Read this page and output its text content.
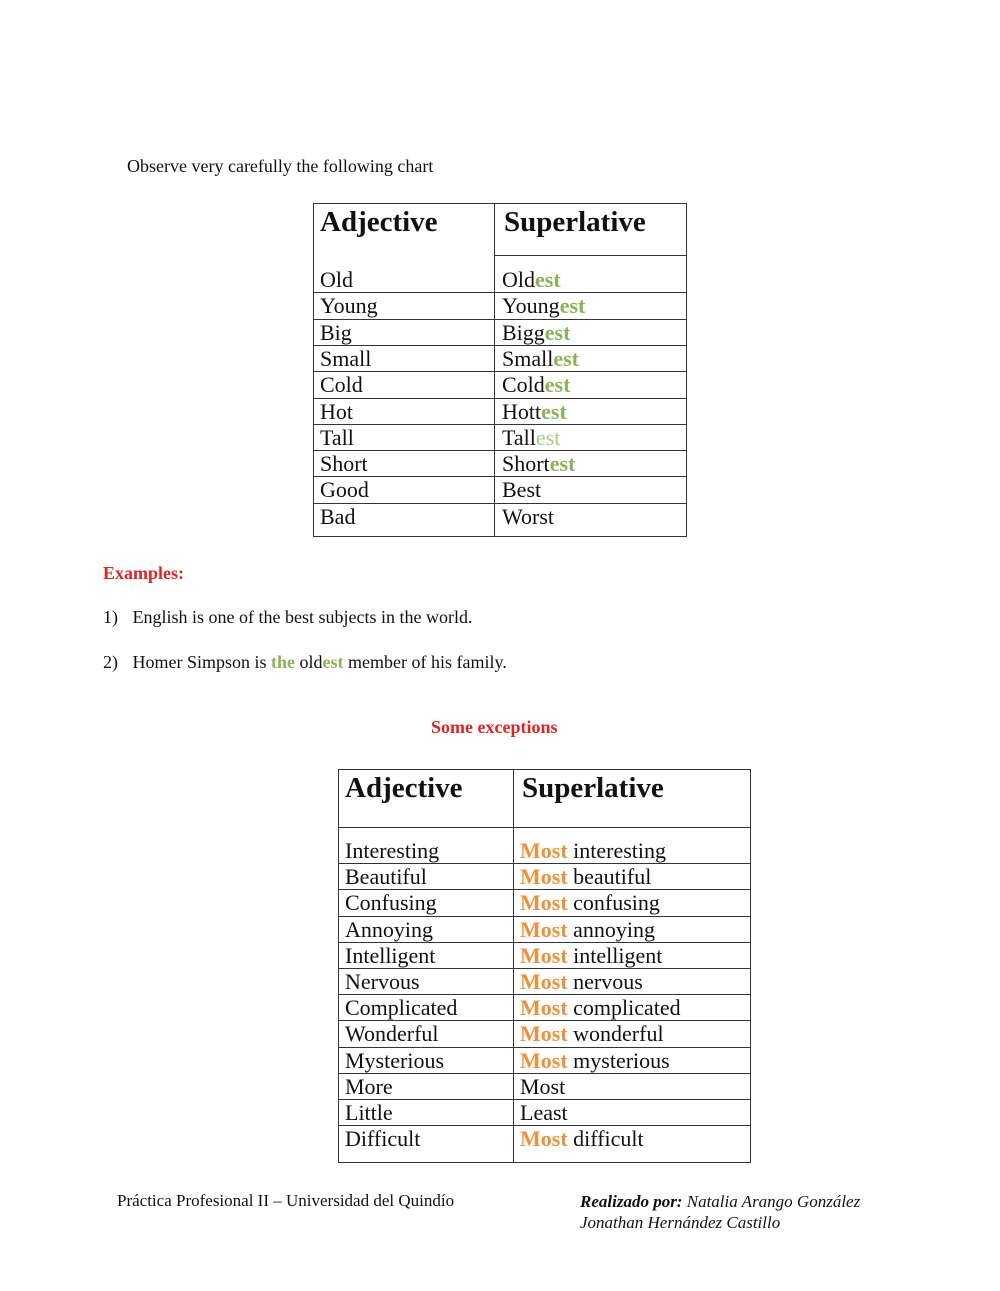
Observe very carefully the following chart
Adjective Superlative
Old	Oldest
Young	Youngest
Big	Biggest
Small	Smallest
Cold	Coldest
Hot	Hottest
Tall	Tallest
Short	Shortest
Good	Best
Bad	Worst
Examples:
1) English is one of the best subjects in the world.
2) Homer Simpson is the oldest member of his family.
Some exceptions
Adjective Superlative
Interesting	Most interesting
Beautiful	Most beautiful
Confusing	Most confusing
Annoying	Most annoying
Intelligent	Most intelligent
Nervous	Most nervous
Complicated	Most complicated
Wonderful	Most wonderful
Mysterious	Most mysterious
More	Most
Little	Least
Difficult	Most difficult
Práctica Profesional II – Universidad del Quindío	Realizado por: Natalia Arango González
Jonathan Hernández Castillo
